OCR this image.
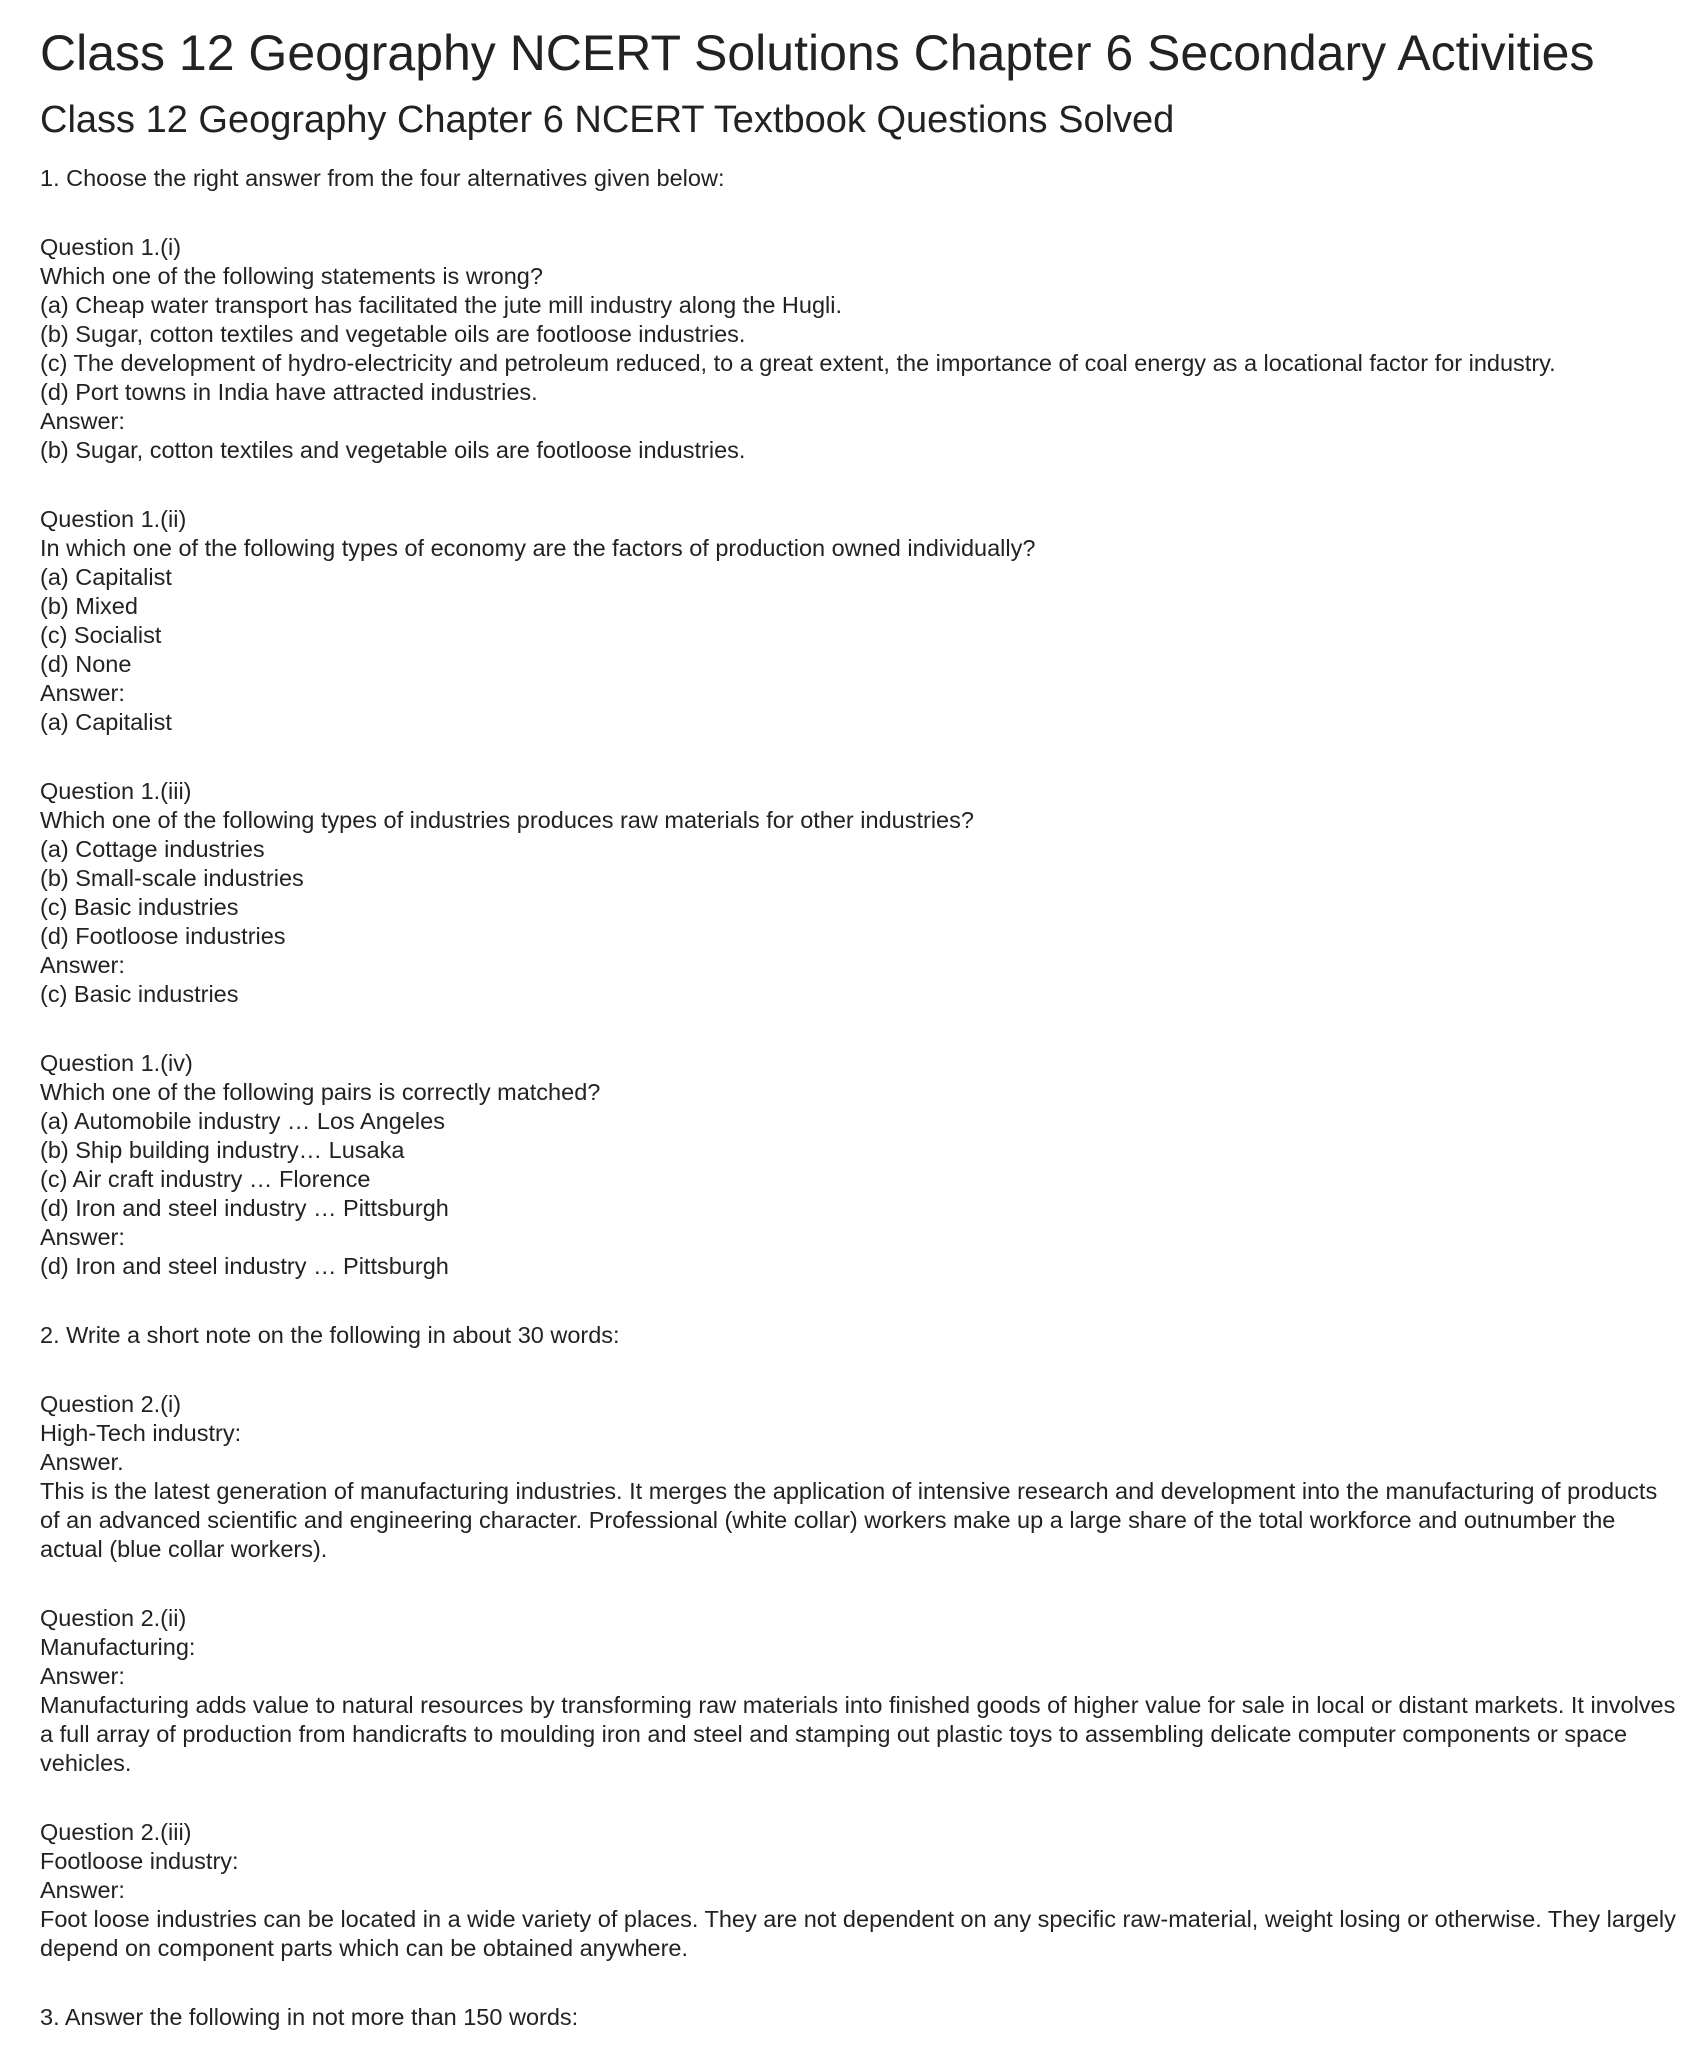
Class 12 Geography NCERT Solutions Chapter 6 Secondary Activities
Class 12 Geography Chapter 6 NCERT Textbook Questions Solved
1. Choose the right answer from the four alternatives given below:
Question 1.(i)
Which one of the following statements is wrong?
(a) Cheap water transport has facilitated the jute mill industry along the Hugli.
(b) Sugar, cotton textiles and vegetable oils are footloose industries.
(c) The development of hydro-electricity and petroleum reduced, to a great extent, the importance of coal energy as a locational factor for industry.
(d) Port towns in India have attracted industries.
Answer:
(b) Sugar, cotton textiles and vegetable oils are footloose industries.
Question 1.(ii)
In which one of the following types of economy are the factors of production owned individually?
(a) Capitalist
(b) Mixed
(c) Socialist
(d) None
Answer:
(a) Capitalist
Question 1.(iii)
Which one of the following types of industries produces raw materials for other industries?
(a) Cottage industries
(b) Small-scale industries
(c) Basic industries
(d) Footloose industries
Answer:
(c) Basic industries
Question 1.(iv)
Which one of the following pairs is correctly matched?
(a) Automobile industry … Los Angeles
(b) Ship building industry… Lusaka
(c) Air craft industry … Florence
(d) Iron and steel industry … Pittsburgh
Answer:
(d) Iron and steel industry … Pittsburgh
2. Write a short note on the following in about 30 words:
Question 2.(i)
High-Tech industry:
Answer.
This is the latest generation of manufacturing industries. It merges the application of intensive research and development into the manufacturing of products of an advanced scientific and engineering character. Professional (white collar) workers make up a large share of the total workforce and outnumber the actual (blue collar workers).
Question 2.(ii)
Manufacturing:
Answer:
Manufacturing adds value to natural resources by transforming raw materials into finished goods of higher value for sale in local or distant markets. It involves a full array of production from handicrafts to moulding iron and steel and stamping out plastic toys to assembling delicate computer components or space vehicles.
Question 2.(iii)
Footloose industry:
Answer:
Foot loose industries can be located in a wide variety of places. They are not dependent on any specific raw-material, weight losing or otherwise. They largely depend on component parts which can be obtained anywhere.
3. Answer the following in not more than 150 words:
